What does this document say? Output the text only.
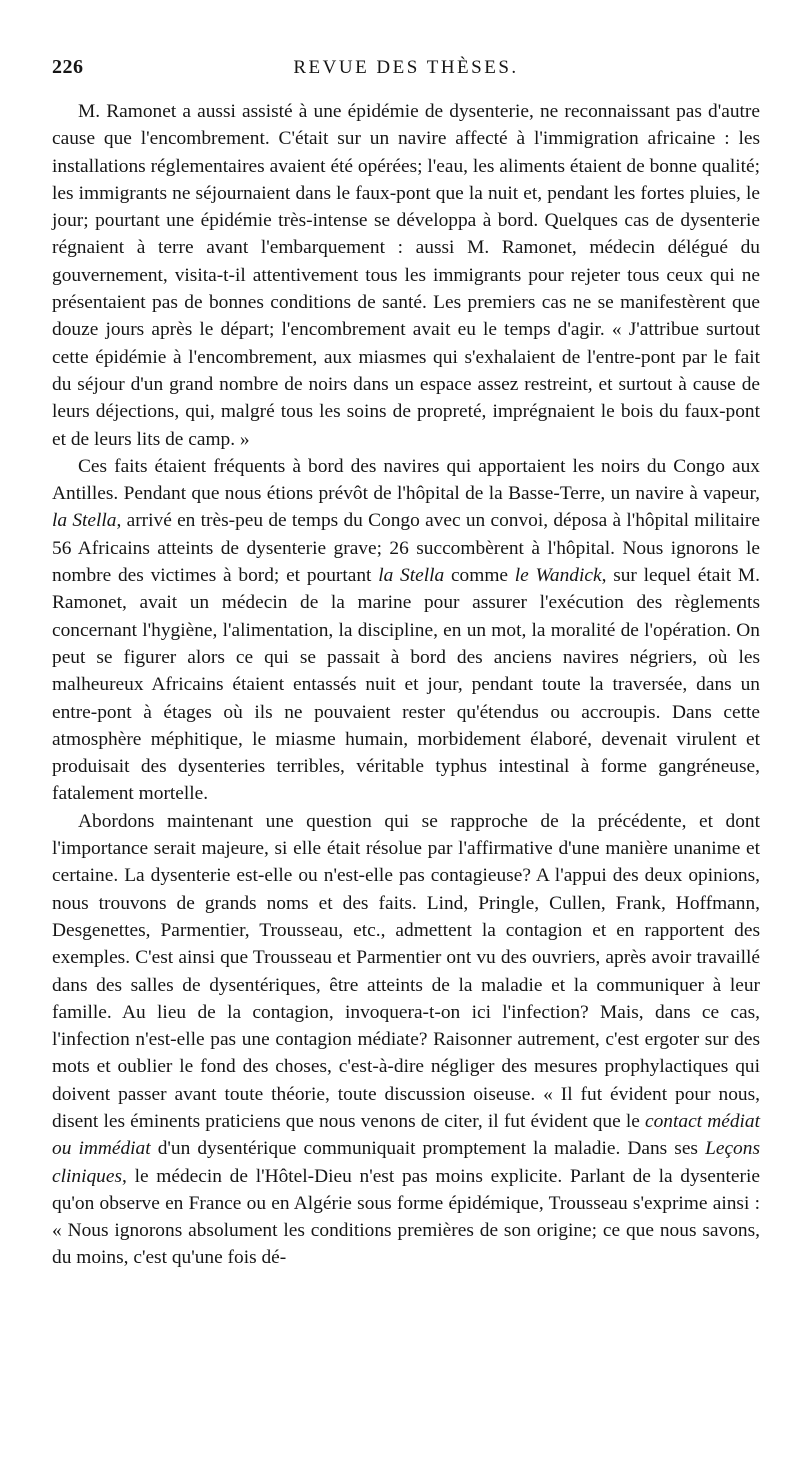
226	REVUE DES THÈSES.

M. Ramonet a aussi assisté à une épidémie de dysenterie, ne reconnaissant pas d'autre cause que l'encombrement. C'était sur un navire affecté à l'immigration africaine : les installations réglementaires avaient été opérées; l'eau, les aliments étaient de bonne qualité; les immigrants ne séjournaient dans le faux-pont que la nuit et, pendant les fortes pluies, le jour; pourtant une épidémie très-intense se développa à bord. Quelques cas de dysenterie régnaient à terre avant l'embarquement : aussi M. Ramonet, médecin délégué du gouvernement, visita-t-il attentivement tous les immigrants pour rejeter tous ceux qui ne présentaient pas de bonnes conditions de santé. Les premiers cas ne se manifestèrent que douze jours après le départ; l'encombrement avait eu le temps d'agir. « J'attribue surtout cette épidémie à l'encombrement, aux miasmes qui s'exhalaient de l'entre-pont par le fait du séjour d'un grand nombre de noirs dans un espace assez restreint, et surtout à cause de leurs déjections, qui, malgré tous les soins de propreté, imprégnaient le bois du faux-pont et de leurs lits de camp. »

Ces faits étaient fréquents à bord des navires qui apportaient les noirs du Congo aux Antilles. Pendant que nous étions prévôt de l'hôpital de la Basse-Terre, un navire à vapeur, la Stella, arrivé en très-peu de temps du Congo avec un convoi, déposa à l'hôpital militaire 56 Africains atteints de dysenterie grave; 26 succombèrent à l'hôpital. Nous ignorons le nombre des victimes à bord; et pourtant la Stella comme le Wandick, sur lequel était M. Ramonet, avait un médecin de la marine pour assurer l'exécution des règlements concernant l'hygiène, l'alimentation, la discipline, en un mot, la moralité de l'opération. On peut se figurer alors ce qui se passait à bord des anciens navires négriers, où les malheureux Africains étaient entassés nuit et jour, pendant toute la traversée, dans un entre-pont à étages où ils ne pouvaient rester qu'étendus ou accroupis. Dans cette atmosphère méphitique, le miasme humain, morbidement élaboré, devenait virulent et produisait des dysenteries terribles, véritable typhus intestinal à forme gangréneuse, fatalement mortelle.

Abordons maintenant une question qui se rapproche de la précédente, et dont l'importance serait majeure, si elle était résolue par l'affirmative d'une manière unanime et certaine. La dysenterie est-elle ou n'est-elle pas contagieuse? A l'appui des deux opinions, nous trouvons de grands noms et des faits. Lind, Pringle, Cullen, Frank, Hoffmann, Desgenettes, Parmentier, Trousseau, etc., admettent la contagion et en rapportent des exemples. C'est ainsi que Trousseau et Parmentier ont vu des ouvriers, après avoir travaillé dans des salles de dysentériques, être atteints de la maladie et la communiquer à leur famille. Au lieu de la contagion, invoquera-t-on ici l'infection? Mais, dans ce cas, l'infection n'est-elle pas une contagion médiate? Raisonner autrement, c'est ergoter sur des mots et oublier le fond des choses, c'est-à-dire négliger des mesures prophylactiques qui doivent passer avant toute théorie, toute discussion oiseuse. « Il fut évident pour nous, disent les éminents praticiens que nous venons de citer, il fut évident que le contact médiat ou immédiat d'un dysentérique communiquait promptement la maladie. Dans ses Leçons cliniques, le médecin de l'Hôtel-Dieu n'est pas moins explicite. Parlant de la dysenterie qu'on observe en France ou en Algérie sous forme épidémique, Trousseau s'exprime ainsi : « Nous ignorons absolument les conditions premières de son origine; ce que nous savons, du moins, c'est qu'une fois dé-
